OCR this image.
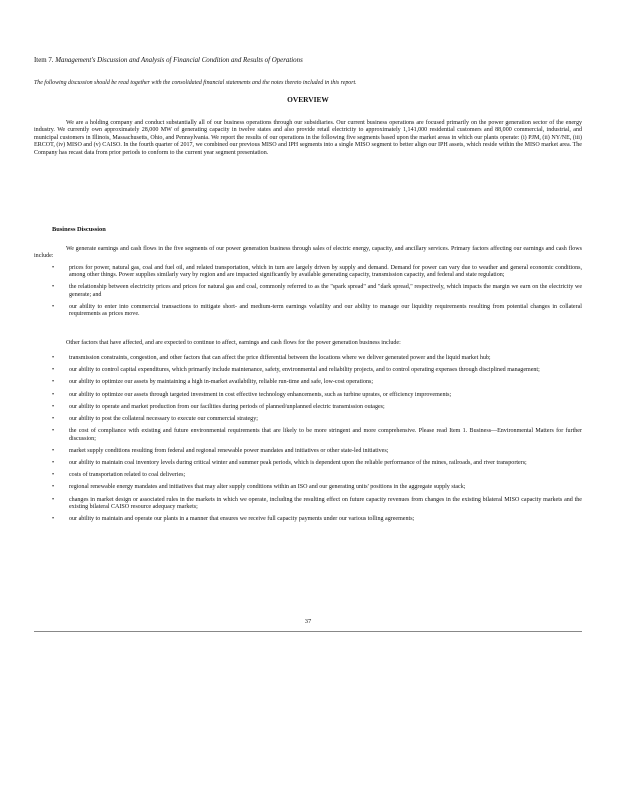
Item 7. Management's Discussion and Analysis of Financial Condition and Results of Operations
The following discussion should be read together with the consolidated financial statements and the notes thereto included in this report.
OVERVIEW
We are a holding company and conduct substantially all of our business operations through our subsidiaries. Our current business operations are focused primarily on the power generation sector of the energy industry. We currently own approximately 28,000 MW of generating capacity in twelve states and also provide retail electricity to approximately 1,141,000 residential customers and 88,000 commercial, industrial, and municipal customers in Illinois, Massachusetts, Ohio, and Pennsylvania. We report the results of our operations in the following five segments based upon the market areas in which our plants operate: (i) PJM, (ii) NY/NE, (iii) ERCOT, (iv) MISO and (v) CAISO. In the fourth quarter of 2017, we combined our previous MISO and IPH segments into a single MISO segment to better align our IPH assets, which reside within the MISO market area. The Company has recast data from prior periods to conform to the current year segment presentation.
Business Discussion
We generate earnings and cash flows in the five segments of our power generation business through sales of electric energy, capacity, and ancillary services. Primary factors affecting our earnings and cash flows include:
• prices for power, natural gas, coal and fuel oil, and related transportation, which in turn are largely driven by supply and demand. Demand for power can vary due to weather and general economic conditions, among other things. Power supplies similarly vary by region and are impacted significantly by available generating capacity, transmission capacity, and federal and state regulation;
• the relationship between electricity prices and prices for natural gas and coal, commonly referred to as the "spark spread" and "dark spread," respectively, which impacts the margin we earn on the electricity we generate; and
• our ability to enter into commercial transactions to mitigate short- and medium-term earnings volatility and our ability to manage our liquidity requirements resulting from potential changes in collateral requirements as prices move.
Other factors that have affected, and are expected to continue to affect, earnings and cash flows for the power generation business include:
• transmission constraints, congestion, and other factors that can affect the price differential between the locations where we deliver generated power and the liquid market hub;
• our ability to control capital expenditures, which primarily include maintenance, safety, environmental and reliability projects, and to control operating expenses through disciplined management;
• our ability to optimize our assets by maintaining a high in-market availability, reliable run-time and safe, low-cost operations;
• our ability to optimize our assets through targeted investment in cost effective technology enhancements, such as turbine uprates, or efficiency improvements;
• our ability to operate and market production from our facilities during periods of planned/unplanned electric transmission outages;
• our ability to post the collateral necessary to execute our commercial strategy;
• the cost of compliance with existing and future environmental requirements that are likely to be more stringent and more comprehensive. Please read Item 1. Business—Environmental Matters for further discussion;
• market supply conditions resulting from federal and regional renewable power mandates and initiatives or other state-led initiatives;
• our ability to maintain coal inventory levels during critical winter and summer peak periods, which is dependent upon the reliable performance of the mines, railroads, and river transporters;
• costs of transportation related to coal deliveries;
• regional renewable energy mandates and initiatives that may alter supply conditions within an ISO and our generating units' positions in the aggregate supply stack;
• changes in market design or associated rules in the markets in which we operate, including the resulting effect on future capacity revenues from changes in the existing bilateral MISO capacity markets and the existing bilateral CAISO resource adequacy markets;
• our ability to maintain and operate our plants in a manner that ensures we receive full capacity payments under our various tolling agreements;
37
